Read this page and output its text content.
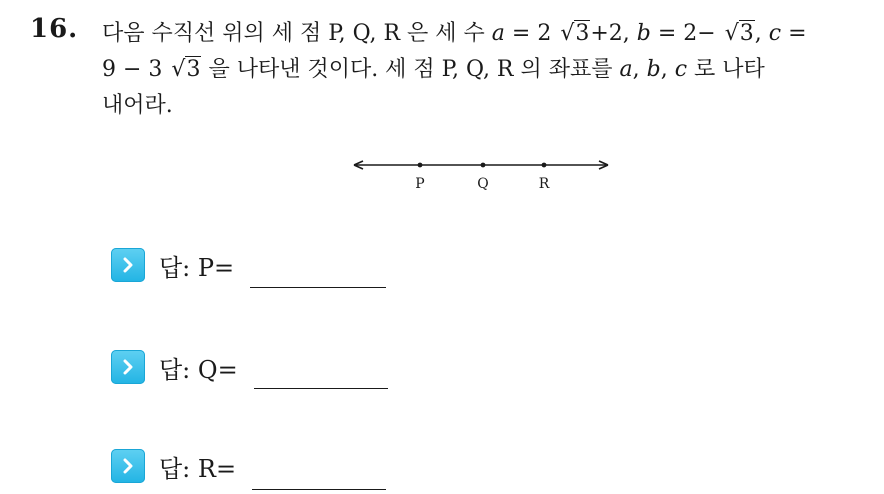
16. 다음 수직선 위의 세 점 P, Q, R 은 세 수 a = 2 √3+2, b = 2− √3, c =
9 − 3 √3 을 나타낸 것이다. 세 점 P, Q, R 의 좌표를 a, b, c 로 나타
내어라.
P	Q	R
답: P=
답: Q=
답: R=
